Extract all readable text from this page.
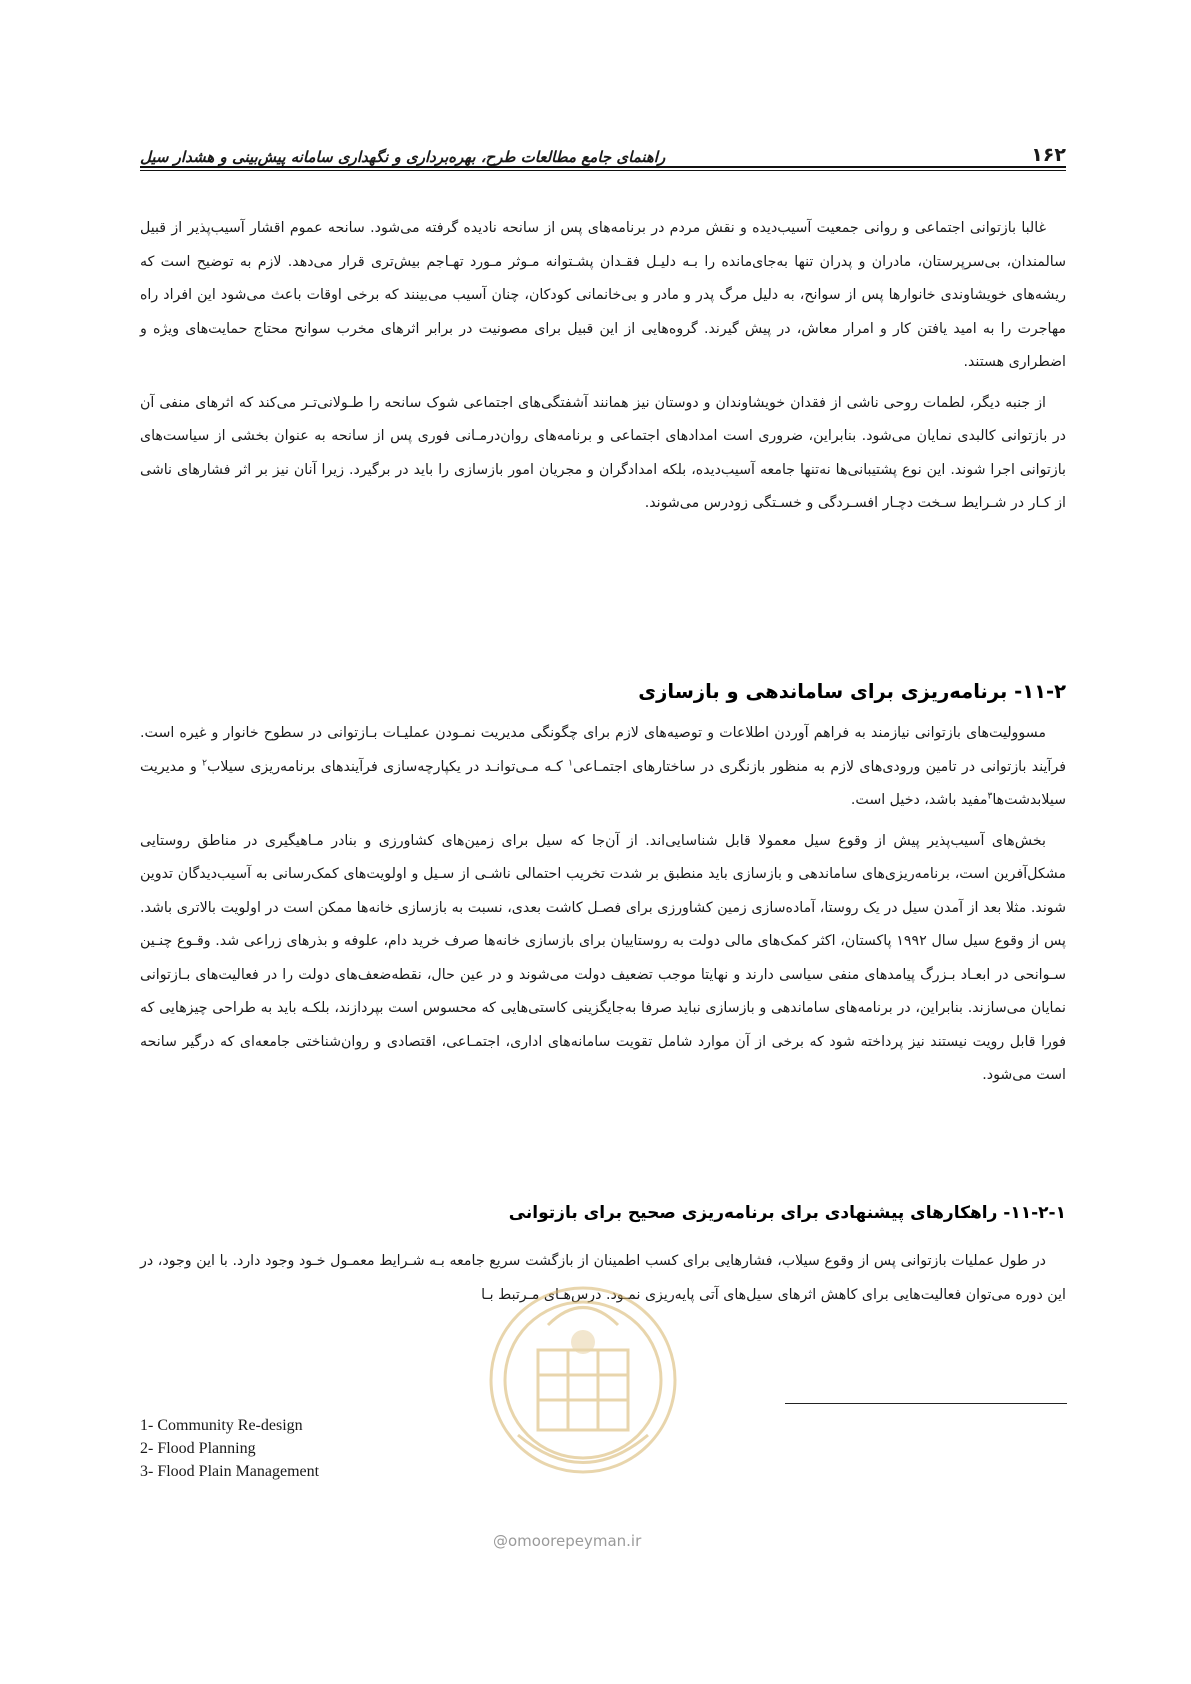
۱۶۲
راهنمای جامع مطالعات طرح، بهره‌برداری و نگهداری سامانه پیش‌بینی و هشدار سیل

غالبا بازتوانی اجتماعی و روانی جمعیت آسیب‌دیده و نقش مردم در برنامه‌های پس از سانحه نادیده گرفته می‌شود. سانحه عموم اقشار آسیب‌پذیر از قبیل سالمندان، بی‌سرپرستان، مادران و پدران تنها به‌جای‌مانده را بـه دلیـل فقـدان پشـتوانه مـوثر مـورد تهـاجم بیش‌تری قرار می‌دهد. لازم به توضیح است که ریشه‌های خویشاوندی خانوارها پس از سوانح، به دلیل مرگ پدر و مادر و بی‌خانمانی کودکان، چنان آسیب می‌بینند که برخی اوقات باعث می‌شود این افراد راه مهاجرت را به امید یافتن کار و امرار معاش، در پیش گیرند. گروه‌هایی از این قبیل برای مصونیت در برابر اثرهای مخرب سوانح محتاج حمایت‌های ویژه و اضطراری هستند.

از جنبه دیگر، لطمات روحی ناشی از فقدان خویشاوندان و دوستان نیز همانند آشفتگی‌های اجتماعی شوک سانحه را طـولانی‌تـر می‌کند که اثرهای منفی آن در بازتوانی کالبدی نمایان می‌شود. بنابراین، ضروری است امدادهای اجتماعی و برنامه‌های روان‌درمـانی فوری پس از سانحه به عنوان بخشی از سیاست‌های بازتوانی اجرا شوند. این نوع پشتیبانی‌ها نه‌تنها جامعه آسیب‌دیده، بلکه امدادگران و مجریان امور بازسازی را باید در برگیرد. زیرا آنان نیز بر اثر فشارهای ناشی از کـار در شـرایط سـخت دچـار افسـردگی و خسـتگی زودرس می‌شوند.

۱۱-۲- برنامه‌ریزی برای ساماندهی و بازسازی

مسوولیت‌های بازتوانی نیازمند به فراهم آوردن اطلاعات و توصیه‌های لازم برای چگونگی مدیریت نمـودن عملیـات بـازتوانی در سطوح خانوار و غیره است. فرآیند بازتوانی در تامین ورودی‌های لازم به منظور بازنگری در ساختارهای اجتمـاعی$^۱$ کـه مـی‌توانـد در یکپارچه‌سازی فرآیندهای برنامه‌ریزی سیلاب$^۲$ و مدیریت سیلابدشت‌ها$^۳$مفید باشد، دخیل است.

بخش‌های آسیب‌پذیر پیش از وقوع سیل معمولا قابل شناسایی‌اند. از آن‌جا که سیل برای زمین‌های کشاورزی و بنادر مـاهیگیری در مناطق روستایی مشکل‌آفرین است، برنامه‌ریزی‌های ساماندهی و بازسازی باید منطبق بر شدت تخریب احتمالی ناشـی از سـیل و اولویت‌های کمک‌رسانی به آسیب‌دیدگان تدوین شوند. مثلا بعد از آمدن سیل در یک روستا، آماده‌سازی زمین کشاورزی برای فصـل کاشت بعدی، نسبت به بازسازی خانه‌ها ممکن است در اولویت بالاتری باشد. پس از وقوع سیل سال ۱۹۹۲ پاکستان، اکثر کمک‌های مالی دولت به روستاییان برای بازسازی خانه‌ها صرف خرید دام، علوفه و بذرهای زراعی شد. وقـوع چنـین سـوانحی در ابعـاد بـزرگ پیامدهای منفی سیاسی دارند و نهایتا موجب تضعیف دولت می‌شوند و در عین حال، نقطه‌ضعف‌های دولت را در فعالیت‌های بـازتوانی نمایان می‌سازند. بنابراین، در برنامه‌های ساماندهی و بازسازی نباید صرفا به‌جایگزینی کاستی‌هایی که محسوس است بپردازند، بلکـه باید به طراحی چیزهایی که فورا قابل رویت نیستند نیز پرداخته شود که برخی از آن موارد شامل تقویت سامانه‌های اداری، اجتمـاعی، اقتصادی و روان‌شناختی جامعه‌ای که درگیر سانحه است می‌شود.

۱۱-۲-۱- راهکارهای پیشنهادی برای برنامه‌ریزی صحیح برای بازتوانی

در طول عملیات بازتوانی پس از وقوع سیلاب، فشارهایی برای کسب اطمینان از بازگشت سریع جامعه بـه شـرایط معمـول خـود وجود دارد. با این وجود، در این دوره می‌توان فعالیت‌هایی برای کاهش اثرهای سیل‌های آتی پایه‌ریزی نمـود. درس‌هـای مـرتبط بـا

1- Community Re-design
2- Flood Planning
3- Flood Plain Management
@omoorepeyman.ir
